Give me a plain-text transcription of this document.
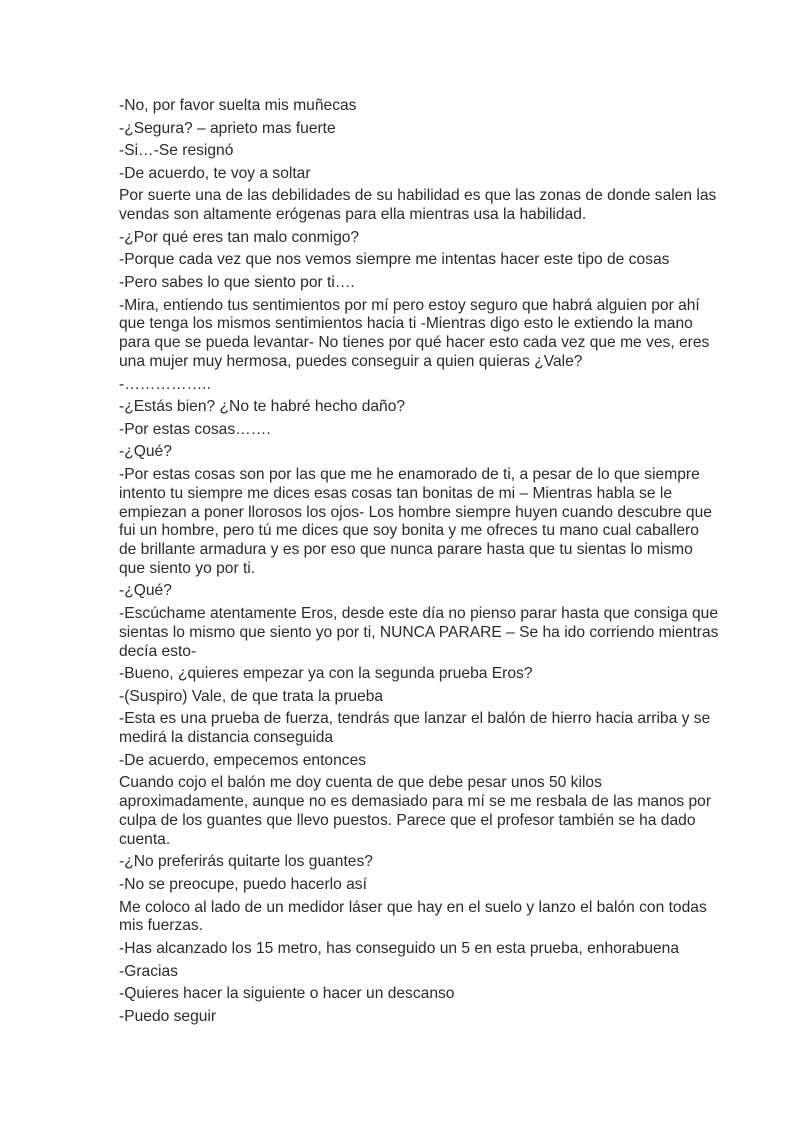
-No, por favor suelta mis muñecas

-¿Segura? – aprieto mas fuerte

-Si…-Se resignó

-De acuerdo, te voy a soltar

Por suerte una de las debilidades de su habilidad es que las zonas de donde salen las vendas son altamente erógenas para ella mientras usa la habilidad.

-¿Por qué eres tan malo conmigo?

-Porque cada vez que nos vemos siempre me intentas hacer este tipo de cosas

-Pero sabes lo que siento por ti….

-Mira, entiendo tus sentimientos por mí pero estoy seguro que habrá alguien por ahí que tenga los mismos sentimientos hacia ti -Mientras digo esto le extiendo la mano para que se pueda levantar- No tienes por qué hacer esto cada vez que me ves, eres una mujer muy hermosa, puedes conseguir a quien quieras ¿Vale?

-……………..

-¿Estás bien? ¿No te habré hecho daño?

-Por estas cosas…….

-¿Qué?

-Por estas cosas son por las que me he enamorado de ti, a pesar de lo que siempre intento tu siempre me dices esas cosas tan bonitas de mi – Mientras habla se le empiezan a poner llorosos los ojos- Los hombre siempre huyen cuando descubre que fui un hombre, pero tú me dices que soy bonita y me ofreces tu mano cual caballero de brillante armadura y es por eso que nunca parare hasta que tu sientas lo mismo que siento yo por ti.

-¿Qué?

-Escúchame atentamente Eros, desde este día no pienso parar hasta que consiga que sientas lo mismo que siento yo por ti, NUNCA PARARE – Se ha ido corriendo mientras decía esto-

-Bueno, ¿quieres empezar ya con la segunda prueba Eros?

-(Suspiro) Vale, de que trata la prueba

-Esta es una prueba de fuerza, tendrás que lanzar el balón de hierro hacia arriba y se medirá la distancia conseguida

-De acuerdo, empecemos entonces

Cuando cojo el balón me doy cuenta de que debe pesar unos 50 kilos aproximadamente, aunque no es demasiado para mí se me resbala de las manos por culpa de los guantes que llevo puestos. Parece que el profesor también se ha dado cuenta.

-¿No preferirás quitarte los guantes?

-No se preocupe, puedo hacerlo así

Me coloco al lado de un medidor láser que hay en el suelo y lanzo el balón con todas mis fuerzas.

-Has alcanzado los 15 metro, has conseguido un 5 en esta prueba, enhorabuena

-Gracias

-Quieres hacer la siguiente o hacer un descanso

-Puedo seguir
